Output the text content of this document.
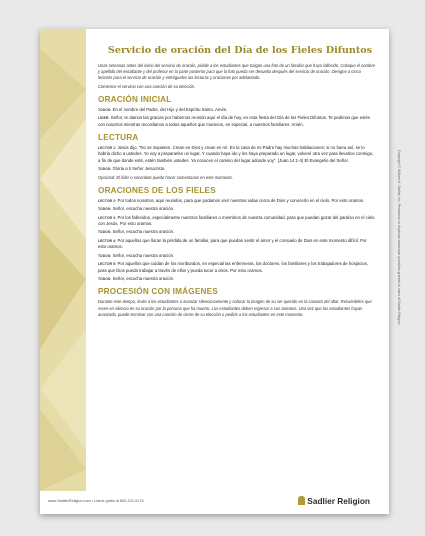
Servicio de oración del Día de los Fieles Difuntos

Unas semanas antes del inicio del servicio de oración, pídale a los estudiantes que traigan una foto de un familiar que haya fallecido. Coloque el nombre y apellido del estudiante y del profesor en la parte posterior para que la foto pueda ser devuelta después del servicio de oración. Designe a cinco lectores para el servicio de oración y entrégueles las lecturas y oraciones por adelantado.

Comience el servicio con una canción de su elección.

ORACIÓN INICIAL

TODOS: En el nombre del Padre, del Hijo y del Espíritu Santo. Amén.

LÍDER: Señor, te damos las gracias por habernos reunido aquí el día de hoy, en esta fiesta del Día de los Fieles Difuntos. Te pedimos que estés con nosotros mientras recordamos a todos aquellos que murieron, en especial, a nuestros familiares. Amén.

LECTURA

LECTOR 1: Jesús dijo, “No se inquieten. Crean en Dios y crean en mí. En la casa de mi Padre hay muchas habitaciones; si no fuera así, se lo habría dicho a ustedes. Yo voy a prepararles un lugar. Y cuando haya ido y les haya preparado un lugar, volveré otra vez para llevarlos conmigo, a fin de que donde esté, estén también ustedes. Ya conocen el camino del lugar adonde voy”. (Juan 14:1-4) El Evangelio del Señor.

TODOS: Gloria a ti Señor Jesucristo.

Opcional: El líder o sacerdote puede hacer comentarios en este momento.

ORACIONES DE LOS FIELES

LECTOR 2: Por todos nosotros, aquí reunidos, para que podamos vivir nuestras vidas cerca de Dios y conocerlo en el cielo. Por esto oramos.

TODOS: Señor, escucha nuestra oración.

LECTOR 3: Por los fallecidos, especialmente nuestros familiares o miembros de nuestra comunidad, para que puedan gozar del paraíso en el cielo con Jesús. Por esto oramos.

TODOS: Señor, escucha nuestra oración.

LECTOR 4: Por aquellos que lloran la pérdida de un familiar, para que puedan sentir el amor y el consuelo de Dios en este momento difícil. Por esto oramos.

TODOS: Señor, escucha nuestra oración.

LECTOR 5: Por aquellos que cuidan de los moribundos, en especial las enfermeras, los doctores, los familiares y los trabajadores de hospicios, para que Dios pueda trabajar a través de ellos y pueda tocar a otros. Por esto oramos.

TODOS: Señor, escucha nuestra oración.

PROCESIÓN CON IMÁGENES

Durante este tiempo, invite a los estudiantes a avanzar silenciosamente y colocar la imagen de su ser querido en la canasta del altar. Recuérdeles que recen en silencio en su oración por la persona que ha muerto. Los estudiantes deben regresar a sus asientos. Una vez que los estudiantes hayan avanzado, puede terminar con una canción de cierre de su elección o pedirle a los estudiantes en este momento.

www.SadlierReligion.com • Llame gratis al 800-221-5175	Sadlier Religion
Copyright © William H. Sadlier, Inc. Permission to duplicate classroom quantities granted to users of Sadlier Religion.
